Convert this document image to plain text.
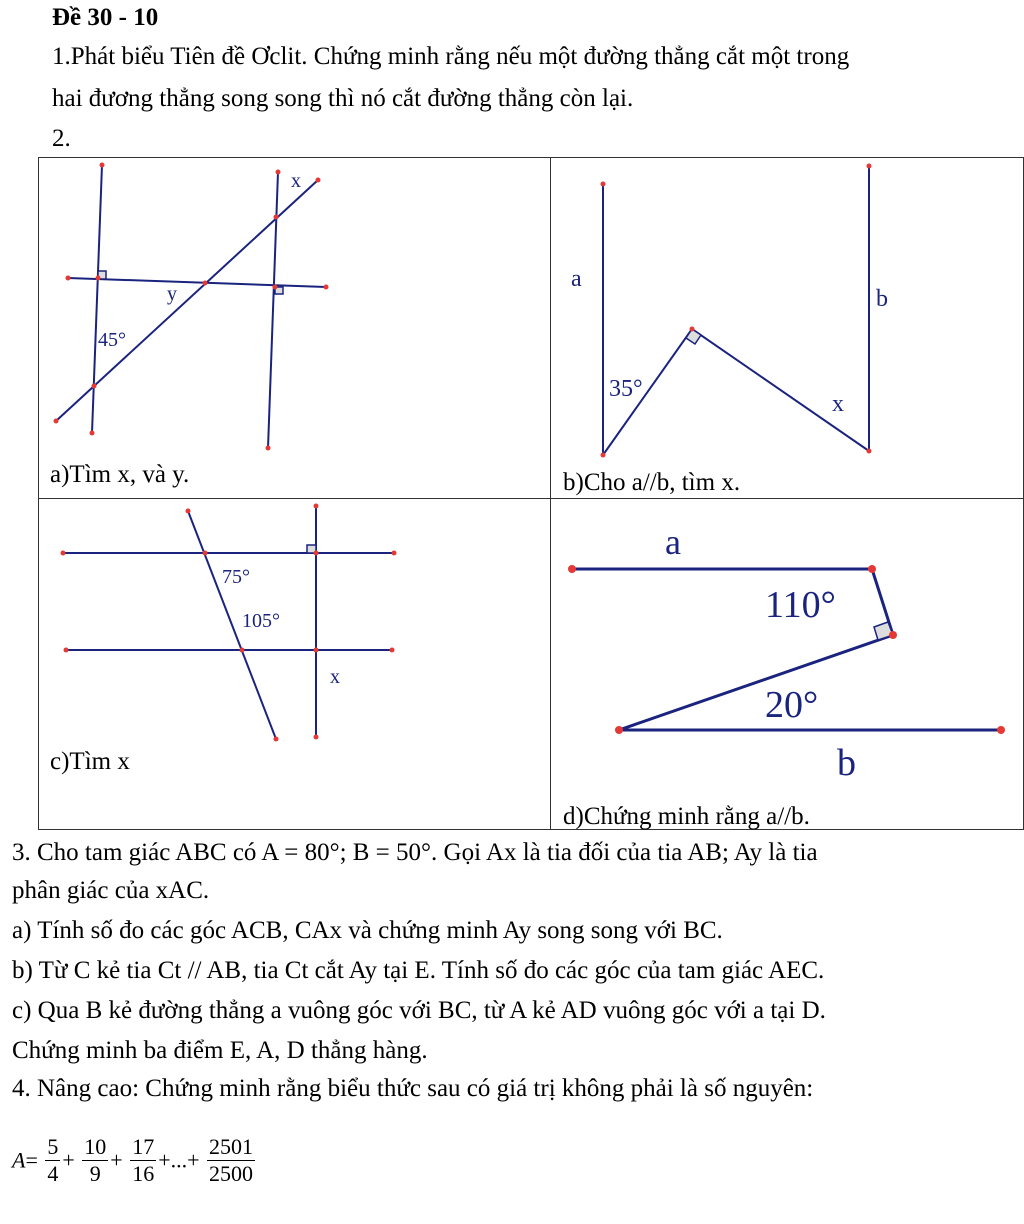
Đề 30 - 10
1.Phát biểu Tiên đề Ơclit. Chứng minh rằng nếu một đường thẳng cắt một trong
hai đương thẳng song song thì nó cắt đường thẳng còn lại.
2.
x
y
45°
a
b
x
35°
75°
105°
x
a
110°
20°
b
a)Tìm x, và y.	b)Cho a//b, tìm x.
c)Tìm x
d)Chứng minh rằng a//b.
3. Cho tam giác ABC có A = 80°; B = 50°. Gọi Ax là tia đối của tia AB; Ay là tia
phân giác của xAC.
a) Tính số đo các góc ACB, CAx và chứng minh Ay song song với BC.
b) Từ C kẻ tia Ct // AB, tia Ct cắt Ay tại E. Tính số đo các góc của tam giác AEC.
c) Qua B kẻ đường thẳng a vuông góc với BC, từ A kẻ AD vuông góc với a tại D.
Chứng minh ba điểm E, A, D thẳng hàng.
4. Nâng cao: Chứng minh rằng biểu thức sau có giá trị không phải là số nguyên:
$A= \frac{5}{4} + \frac{10}{9} + \frac{17}{16}$ +...+ $\frac{2501}{2500}$
